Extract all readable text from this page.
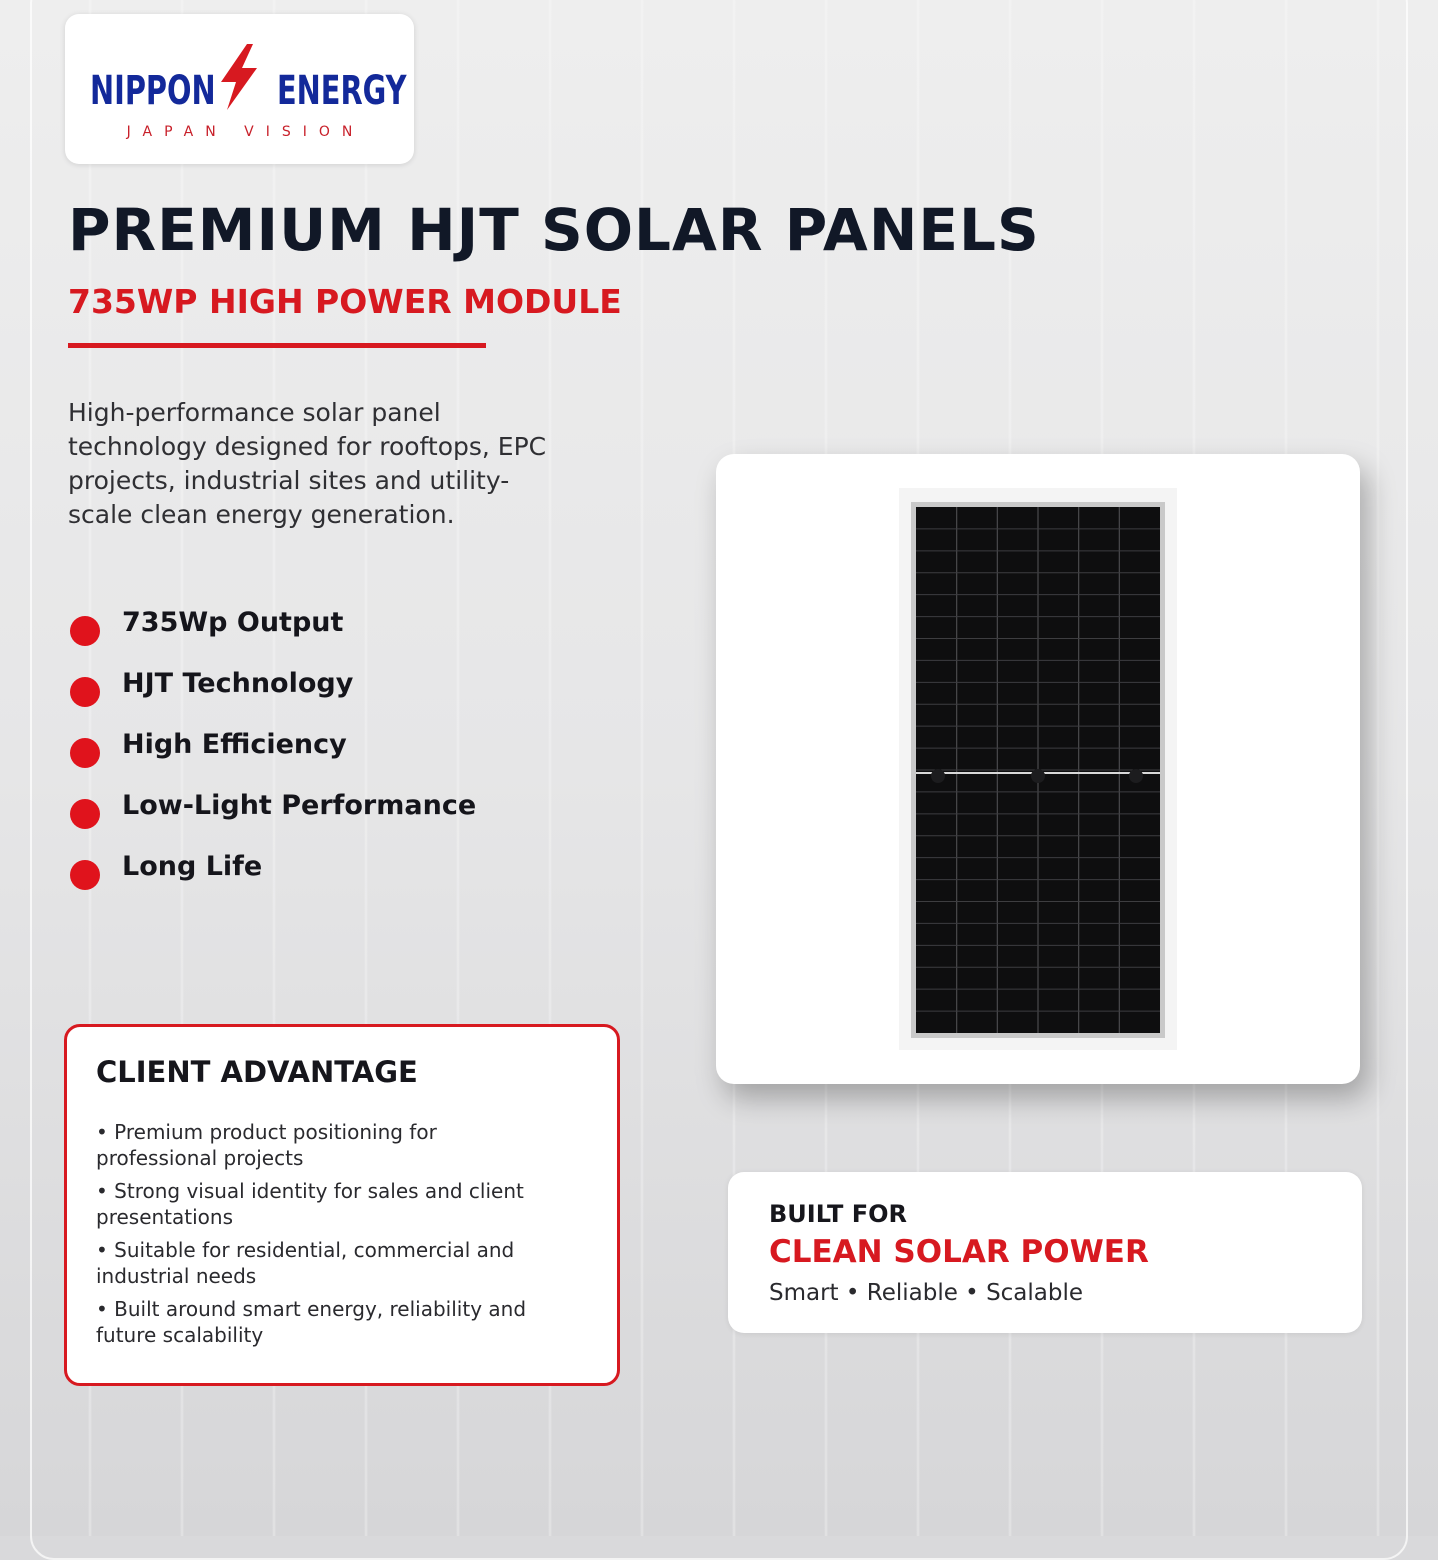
NIPPON ENERGY
JAPAN VISION
PREMIUM HJT SOLAR PANELS
735WP HIGH POWER MODULE

High-performance solar panel technology designed for rooftops, EPC projects, industrial sites and utility-scale clean energy generation.

735Wp Output
HJT Technology
High Efficiency
Low-Light Performance
Long Life
CLIENT ADVANTAGE
• Premium product positioning for professional projects
• Strong visual identity for sales and client presentations
• Suitable for residential, commercial and industrial needs
• Built around smart energy, reliability and future scalability
BUILT FOR
CLEAN SOLAR POWER
Smart • Reliable • Scalable
